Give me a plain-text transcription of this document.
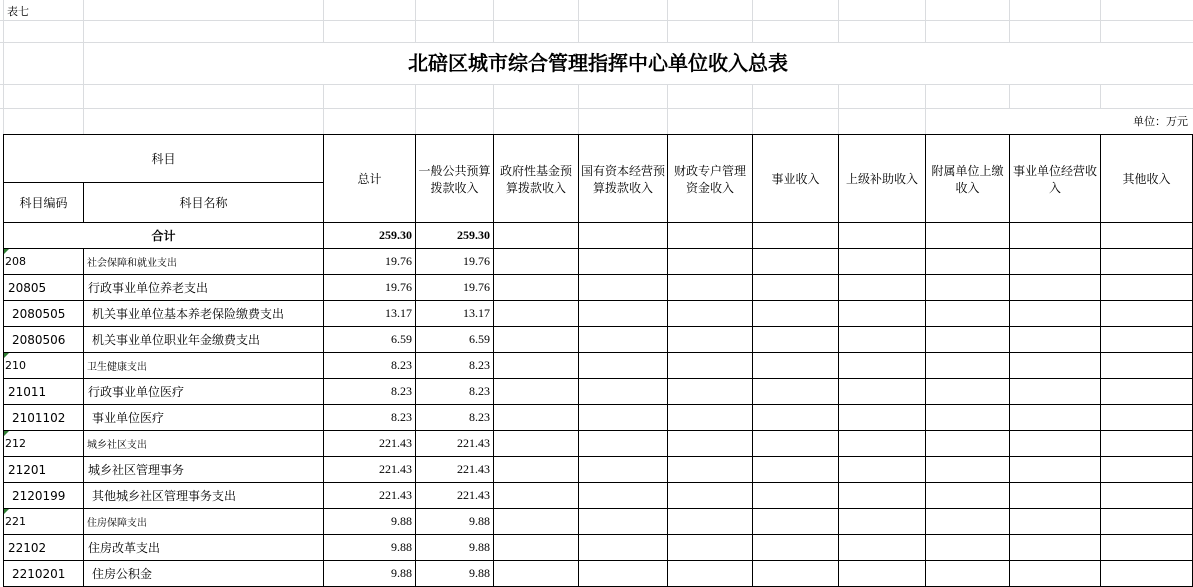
表七
北碚区城市综合管理指挥中心单位收入总表
单位：万元
科目		总计	一般公共预算拨款收入	政府性基金预算拨款收入	国有资本经营预算拨款收入	财政专户管理资金收入	事业收入	上级补助收入	附属单位上缴收入	事业单位经营收入	其他收入
科目编码	科目名称										
合计		259.30	259.30								
208	社会保障和就业支出	19.76	19.76								
20805	行政事业单位养老支出	19.76	19.76								
2080505	机关事业单位基本养老保险缴费支出	13.17	13.17								
2080506	机关事业单位职业年金缴费支出	6.59	6.59								
210	卫生健康支出	8.23	8.23								
21011	行政事业单位医疗	8.23	8.23								
2101102	事业单位医疗	8.23	8.23								
212	城乡社区支出	221.43	221.43								
21201	城乡社区管理事务	221.43	221.43								
2120199	其他城乡社区管理事务支出	221.43	221.43								
221	住房保障支出	9.88	9.88								
22102	住房改革支出	9.88	9.88								
2210201	住房公积金	9.88	9.88								
